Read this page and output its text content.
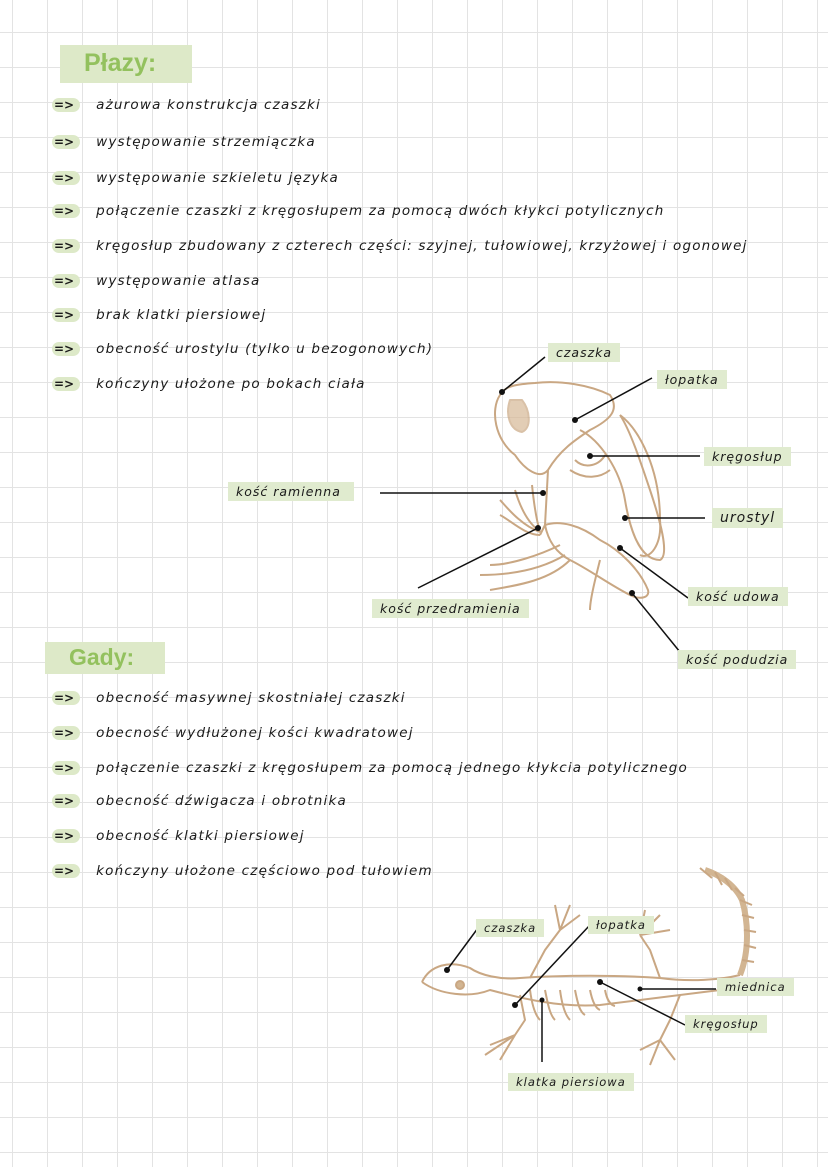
Płazy:
=>	ażurowa konstrukcja czaszki
=>	występowanie strzemiączka
=>	występowanie szkieletu języka
=>	połączenie czaszki z kręgosłupem za pomocą dwóch kłykci potylicznych
=>	kręgosłup zbudowany z czterech części: szyjnej, tułowiowej, krzyżowej i ogonowej
=>	występowanie atlasa
=>	brak klatki piersiowej
=>	obecność urostylu (tylko u bezogonowych)
=>	kończyny ułożone po bokach ciała
Gady:
=>	obecność masywnej skostniałej czaszki
=>	obecność wydłużonej kości kwadratowej
=>	połączenie czaszki z kręgosłupem za pomocą jednego kłykcia potylicznego
=>	obecność dźwigacza i obrotnika
=>	obecność klatki piersiowej
=>	kończyny ułożone częściowo pod tułowiem
czaszka
łopatka
kręgosłup
kość ramienna
urostyl
kość przedramienia
kość udowa
kość podudzia
czaszka	łopatka
miednica
kręgosłup
klatka piersiowa
